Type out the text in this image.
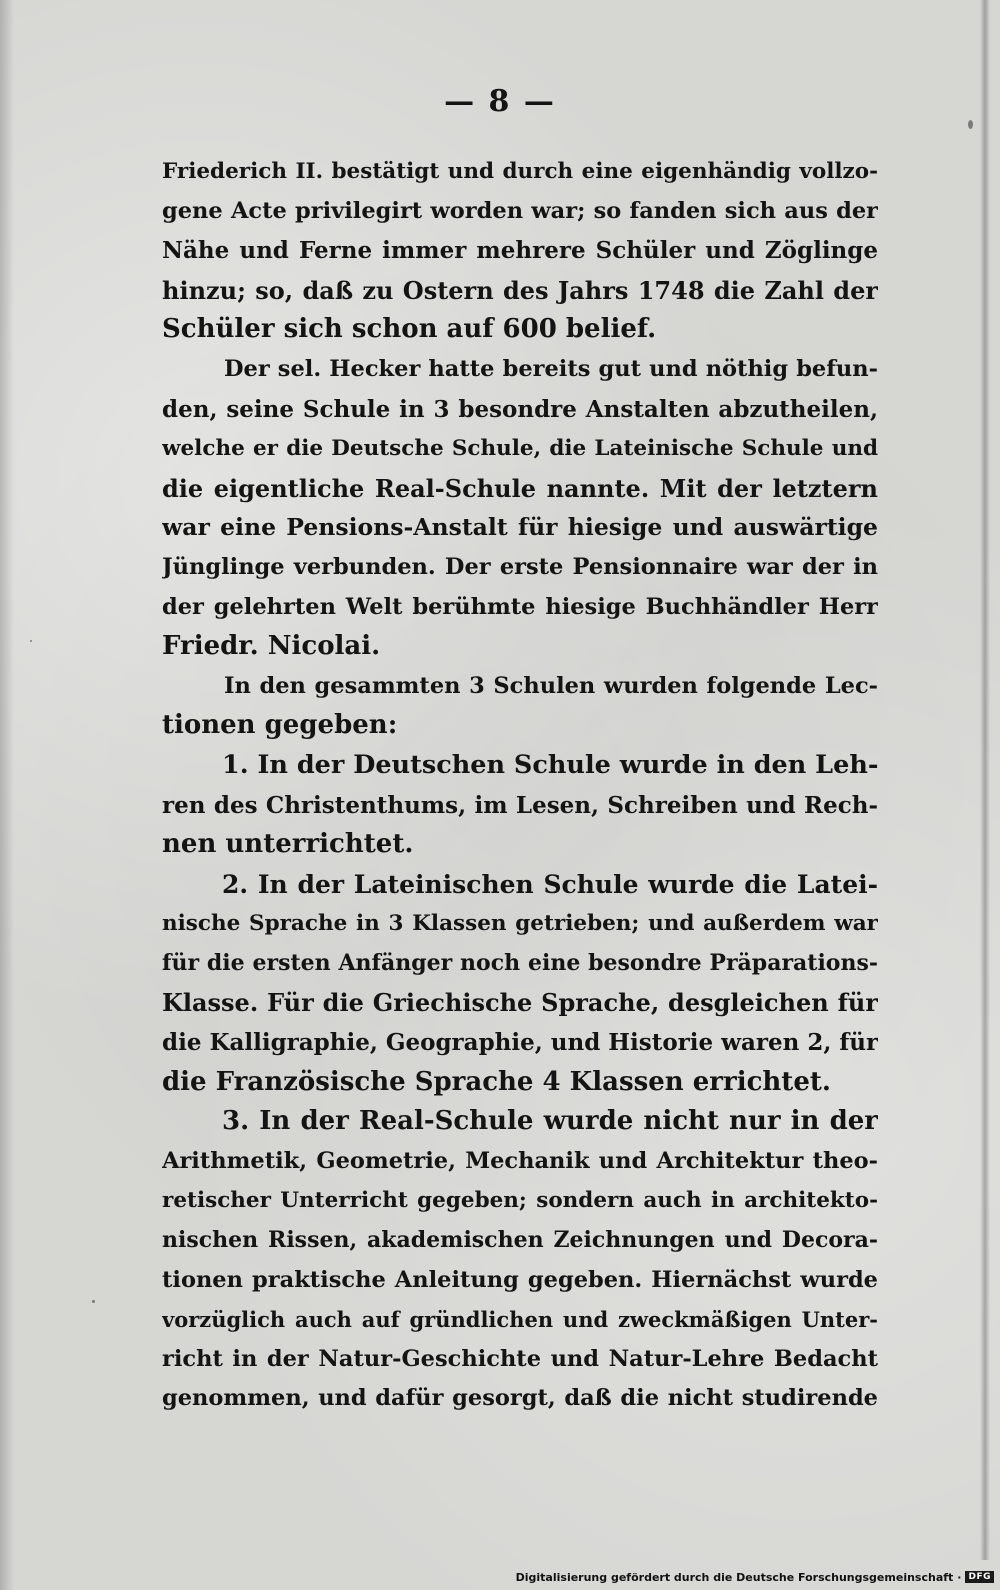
— 8 —
Friederich II. bestätigt und durch eine eigenhändig vollzo-
gene Acte privilegirt worden war; so fanden sich aus der
Nähe und Ferne immer mehrere Schüler und Zöglinge
hinzu; so, daß zu Ostern des Jahrs 1748 die Zahl der
Schüler sich schon auf 600 belief.
Der sel. Hecker hatte bereits gut und nöthig befun-
den, seine Schule in 3 besondre Anstalten abzutheilen,
welche er die Deutsche Schule, die Lateinische Schule und
die eigentliche Real-Schule nannte. Mit der letztern
war eine Pensions-Anstalt für hiesige und auswärtige
Jünglinge verbunden. Der erste Pensionnaire war der in
der gelehrten Welt berühmte hiesige Buchhändler Herr
Friedr. Nicolai.
In den gesammten 3 Schulen wurden folgende Lec-
tionen gegeben:
1. In der Deutschen Schule wurde in den Leh-
ren des Christenthums, im Lesen, Schreiben und Rech-
nen unterrichtet.
2. In der Lateinischen Schule wurde die Latei-
nische Sprache in 3 Klassen getrieben; und außerdem war
für die ersten Anfänger noch eine besondre Präparations-
Klasse. Für die Griechische Sprache, desgleichen für
die Kalligraphie, Geographie, und Historie waren 2, für
die Französische Sprache 4 Klassen errichtet.
3. In der Real-Schule wurde nicht nur in der
Arithmetik, Geometrie, Mechanik und Architektur theo-
retischer Unterricht gegeben; sondern auch in architekto-
nischen Rissen, akademischen Zeichnungen und Decora-
tionen praktische Anleitung gegeben. Hiernächst wurde
vorzüglich auch auf gründlichen und zweckmäßigen Unter-
richt in der Natur-Geschichte und Natur-Lehre Bedacht
genommen, und dafür gesorgt, daß die nicht studirende
Digitalisierung gefördert durch die Deutsche Forschungsgemeinschaft · DFG
